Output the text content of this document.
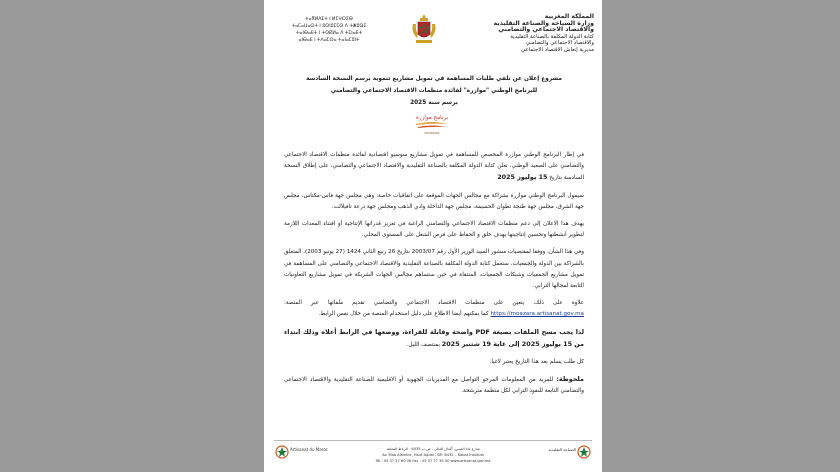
ⵜⴰⴳⵍⴷⵉⵜ ⵏ ⵍⵎⵖⵔⵉⴱ
ⵜⴰⵎⴰⵡⴰⵙⵜ ⵏ ⵓⵙⵏⵓⵎⵎⵙ ⴷ ⵜⵥⵓⵕⵉ
ⵜⴰⵏⴱⴰⴹⵜ ⵏ ⵜⵙⴽⵍⴰ ⴷ ⵜⵎⵏⴰⴹⵜ
ⴰⵏⴱⴰⴹ ⵏ ⵜⴷⴰⵎⵙⴰ ⵜⴰⵏⴰⵎⵓⵏⵜ
المملكة المغربية
وزارة السياحة والصناعة التقليدية
والاقتصاد الاجتماعي والتضامني
كتابة الدولة المكلفة بالصناعة التقليدية
والاقتصاد الاجتماعي والتضامني
مديرية إنعاش الاقتصاد الاجتماعي
مشروع إعلان عن تلقي طلبات المساهمة في تمويل مشاريع تنموية برسم النسخة السادسة
للبرنامج الوطني "موازرة" لفائدة منظمات الاقتصاد الاجتماعي والتضامني
برسم سنة 2025
برنامج موازرة
MOUAZARA

في إطار البرنامج الوطني موازرة المخصص للمساهمة في تمويل مشاريع سوسيو اقتصادية لفائدة منظمات الاقتصاد الاجتماعي والتضامني على الصعيد الوطني، تعلن كتابة الدولة المكلفة بالصناعة التقليدية والاقتصاد الاجتماعي والتضامني، على إطلاق النسخة السادسة بتاريخ 15 يوليوز 2025

سيمول البرنامج الوطني موازرة بشراكة مع مجالس الجهات الموقعة على اتفاقيات خاصة، وهي مجلس جهة فاس-مكناس، مجلس جهة الشرق، مجلس جهة طنجة تطوان الحسيمة، مجلس جهة الداخلة وادي الذهب ومجلس جهة درعة تافيلالت.

يهدف هذا الاعلان إلى دعم منظمات الاقتصاد الاجتماعي والتضامني الراغبة في تعزيز قدراتها الإنتاجية أو اقتناء المعدات اللازمة لتطوير أنشطتها وتحسين إنتاجيتها بهدف خلق و الحفاظ على فرص الشغل على المستوى المحلي.

وفي هذا الشأن، ووفقا لمقتضيات منشور السيد الوزير الأول رقم 2003/07 بتاريخ 26 ربيع الثاني 1424 (27 يونيو 2003)، المتعلق بالشراكة بين الدولة والجمعيات، ستعمل كتابة الدولة المكلفة بالصناعة التقليدية والاقتصاد الاجتماعي والتضامني على المساهمة في تمويل مشاريع الجمعيات وشبكات الجمعيات، المنتقاة في حين ستساهم مجالس الجهات الشريكة في تمويل مشاريع التعاونيات التابعة لمجالها الترابي.

علاوة على ذلك، يتعين على منظمات الاقتصاد الاجتماعي والتضامني تقديم ملفاتها عبر المنصة: https://moazara.artisanat.gov.ma كما يمكنهم أيضا الاطلاع على دليل استخدام المنصة من خلال نفس الرابط.

لذا يجب مسح الملفات بصيغة PDF واضحة وقابلة للقراءة، ووضعها في الرابط أعلاه وذلك ابتداء من 15 يوليوز 2025 إلى غاية 19 شتنبر 2025 بمنتصف الليل.

كل طلب يسلم بعد هذا التاريخ يعتبر لاغيا.

ملحوظة: للمزيد من المعلومات المرجو التواصل مع المديريات الجهوية أو الاقليمية للصناعة التقليدية والاقتصاد الاجتماعي والتضامني التابعة للنفوذ الترابي لكل منظمة مترشحة.

Artisanat du Maroc	شارع ماء العينين، أكدال العالي - ص.ب 6435 - الرباط المعاهد
Av. Maa Alainine, Haut Agdal - BP: 6435 – Rabat Instituts
Tél : 05 37 27 60 06 Fax : 05 37 77 35 40 www.artisanat.gov.ma
الصناعة التقليدية
